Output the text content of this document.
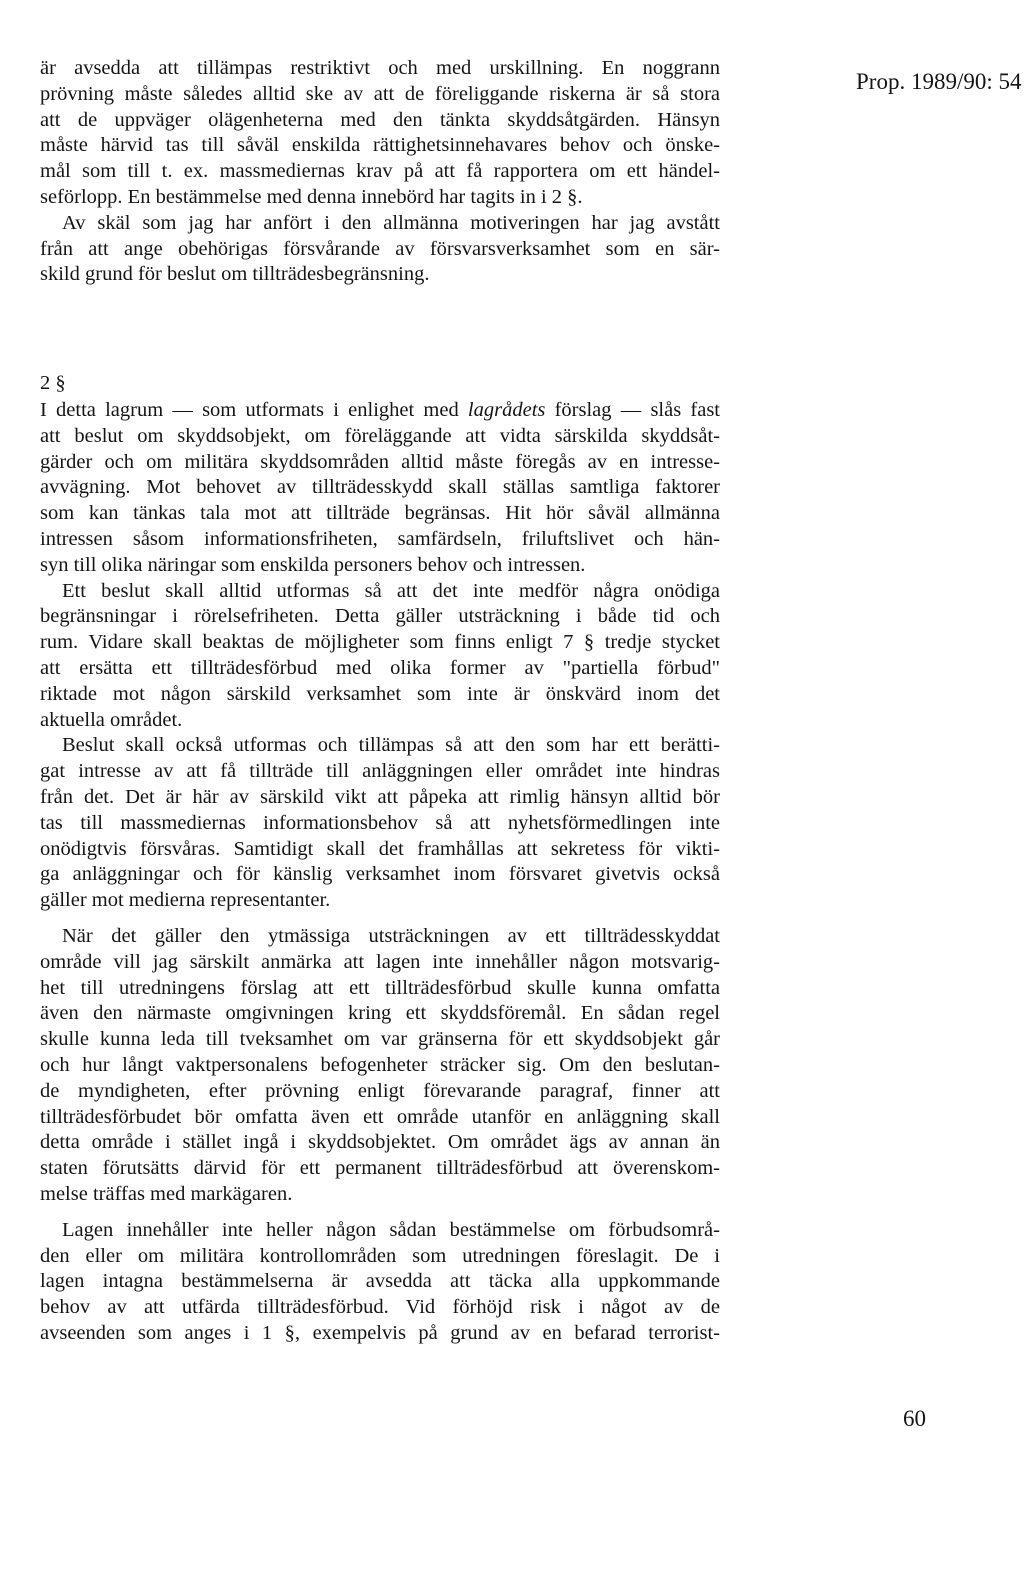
Prop. 1989/90: 54
är avsedda att tillämpas restriktivt och med urskillning. En noggrann
prövning måste således alltid ske av att de föreliggande riskerna är så stora
att de uppväger olägenheterna med den tänkta skyddsåtgärden. Hänsyn
måste härvid tas till såväl enskilda rättighetsinnehavares behov och önske-
mål som till t. ex. massmediernas krav på att få rapportera om ett händel-
seförlopp. En bestämmelse med denna innebörd har tagits in i 2 §.
Av skäl som jag har anfört i den allmänna motiveringen har jag avstått
från att ange obehörigas försvårande av försvarsverksamhet som en sär-
skild grund för beslut om tillträdesbegränsning.
2 §
I detta lagrum — som utformats i enlighet med lagrådets förslag — slås fast
att beslut om skyddsobjekt, om föreläggande att vidta särskilda skyddsåt-
gärder och om militära skyddsområden alltid måste föregås av en intresse-
avvägning. Mot behovet av tillträdesskydd skall ställas samtliga faktorer
som kan tänkas tala mot att tillträde begränsas. Hit hör såväl allmänna
intressen såsom informationsfriheten, samfärdseln, friluftslivet och hän-
syn till olika näringar som enskilda personers behov och intressen.
Ett beslut skall alltid utformas så att det inte medför några onödiga
begränsningar i rörelsefriheten. Detta gäller utsträckning i både tid och
rum. Vidare skall beaktas de möjligheter som finns enligt 7 § tredje stycket
att ersätta ett tillträdesförbud med olika former av "partiella förbud"
riktade mot någon särskild verksamhet som inte är önskvärd inom det
aktuella området.
Beslut skall också utformas och tillämpas så att den som har ett berätti-
gat intresse av att få tillträde till anläggningen eller området inte hindras
från det. Det är här av särskild vikt att påpeka att rimlig hänsyn alltid bör
tas till massmediernas informationsbehov så att nyhetsförmedlingen inte
onödigtvis försvåras. Samtidigt skall det framhållas att sekretess för vikti-
ga anläggningar och för känslig verksamhet inom försvaret givetvis också
gäller mot medierna representanter.
När det gäller den ytmässiga utsträckningen av ett tillträdesskyddat
område vill jag särskilt anmärka att lagen inte innehåller någon motsvarig-
het till utredningens förslag att ett tillträdesförbud skulle kunna omfatta
även den närmaste omgivningen kring ett skyddsföremål. En sådan regel
skulle kunna leda till tveksamhet om var gränserna för ett skyddsobjekt går
och hur långt vaktpersonalens befogenheter sträcker sig. Om den beslutan-
de myndigheten, efter prövning enligt förevarande paragraf, finner att
tillträdesförbudet bör omfatta även ett område utanför en anläggning skall
detta område i stället ingå i skyddsobjektet. Om området ägs av annan än
staten förutsätts därvid för ett permanent tillträdesförbud att överenskom-
melse träffas med markägaren.
Lagen innehåller inte heller någon sådan bestämmelse om förbudsområ-
den eller om militära kontrollområden som utredningen föreslagit. De i
lagen intagna bestämmelserna är avsedda att täcka alla uppkommande
behov av att utfärda tillträdesförbud. Vid förhöjd risk i något av de
avseenden som anges i 1 §, exempelvis på grund av en befarad terrorist-
60
